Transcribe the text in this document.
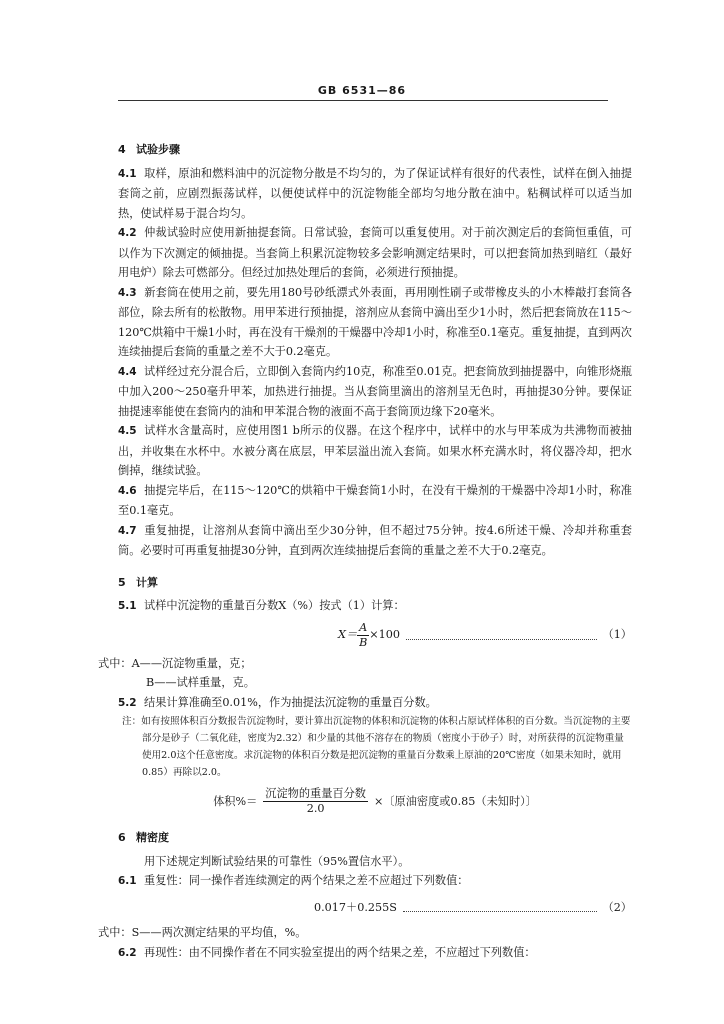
GB 6531—86
4 试验步骤
4.1 取样，原油和燃料油中的沉淀物分散是不均匀的，为了保证试样有很好的代表性，试样在倒入抽提套筒之前，应剧烈振荡试样，以便使试样中的沉淀物能全部均匀地分散在油中。粘稠试样可以适当加热，使试样易于混合均匀。
4.2 仲裁试验时应使用新抽提套筒。日常试验，套筒可以重复使用。对于前次测定后的套筒恒重值，可以作为下次测定的倾抽提。当套筒上积累沉淀物较多会影响测定结果时，可以把套筒加热到暗红（最好用电炉）除去可燃部分。但经过加热处理后的套筒，必须进行预抽提。
4.3 新套筒在使用之前，要先用180号砂纸漂式外表面，再用刚性刷子或带橡皮头的小木棒敲打套筒各部位，除去所有的松散物。用甲苯进行预抽提，溶剂应从套筒中滴出至少1小时，然后把套筒放在115～120℃烘箱中干燥1小时，再在没有干燥剂的干燥器中冷却1小时，称准至0.1毫克。重复抽提，直到两次连续抽提后套筒的重量之差不大于0.2毫克。
4.4 试样经过充分混合后，立即倒入套筒内约10克，称准至0.01克。把套筒放到抽提器中，向锥形烧瓶中加入200～250毫升甲苯，加热进行抽提。当从套筒里滴出的溶剂呈无色时，再抽提30分钟。要保证抽提速率能使在套筒内的油和甲苯混合物的液面不高于套筒顶边缘下20毫米。
4.5 试样水含量高时，应使用图1 b所示的仪器。在这个程序中，试样中的水与甲苯成为共沸物而被抽出，并收集在水杯中。水被分离在底层，甲苯层溢出流入套筒。如果水杯充满水时，将仪器冷却，把水倒掉，继续试验。
4.6 抽提完毕后，在115～120℃的烘箱中干燥套筒1小时，在没有干燥剂的干燥器中冷却1小时，称准至0.1毫克。
4.7 重复抽提，让溶剂从套筒中滴出至少30分钟，但不超过75分钟。按4.6所述干燥、冷却并称重套筒。必要时可再重复抽提30分钟，直到两次连续抽提后套筒的重量之差不大于0.2毫克。
5 计算
5.1 试样中沉淀物的重量百分数X（%）按式（1）计算：
$X= \frac{A}{B} \times 100$	（1）
式中：A——沉淀物重量，克；
B——试样重量，克。
5.2 结果计算准确至0.01%，作为抽提法沉淀物的重量百分数。
注：如有按照体积百分数报告沉淀物时，要计算出沉淀物的体积和沉淀物的体积占原试样体积的百分数。当沉淀物的主要部分是砂子（二氧化硅，密度为2.32）和少量的其他不溶存在的物质（密度小于砂子）时，对所获得的沉淀物重量使用2.0这个任意密度。求沉淀物的体积百分数是把沉淀物的重量百分数乘上原油的20℃密度（如果未知时，就用0.85）再除以2.0。
体积%＝ $\frac{\text{沉淀物的重量百分数}}{2.0}$ ×〔原油密度或0.85（未知时）〕
6 精密度
用下述规定判断试验结果的可靠性（95%置信水平）。
6.1 重复性：同一操作者连续测定的两个结果之差不应超过下列数值：
0.017＋0.255S	（2）
式中：S——两次测定结果的平均值，%。
6.2 再现性：由不同操作者在不同实验室提出的两个结果之差，不应超过下列数值：
